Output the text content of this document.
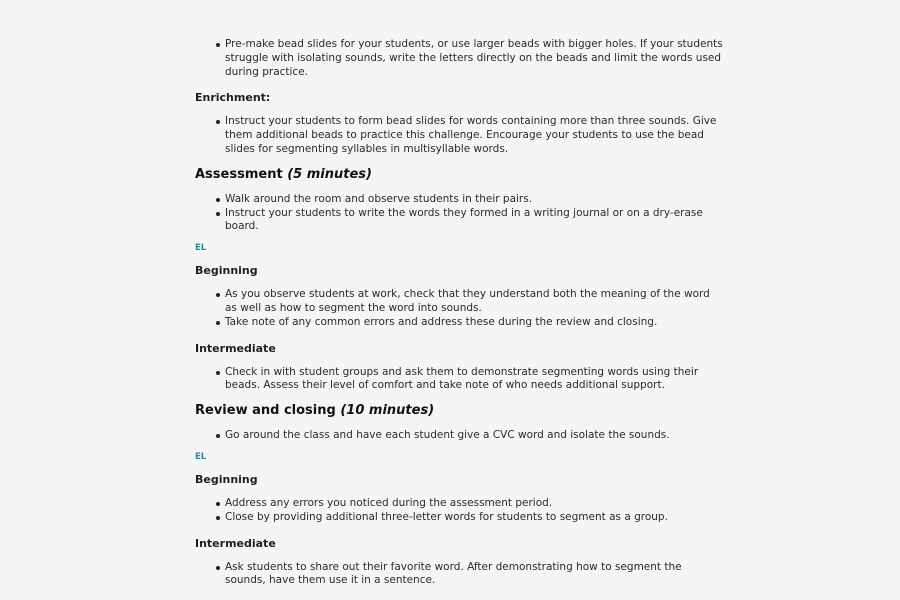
Pre-make bead slides for your students, or use larger beads with bigger holes. If your students struggle with isolating sounds, write the letters directly on the beads and limit the words used during practice.
Enrichment:
Instruct your students to form bead slides for words containing more than three sounds. Give them additional beads to practice this challenge. Encourage your students to use the bead slides for segmenting syllables in multisyllable words.
Assessment (5 minutes)
Walk around the room and observe students in their pairs.
Instruct your students to write the words they formed in a writing journal or on a dry-erase board.
EL
Beginning
As you observe students at work, check that they understand both the meaning of the word as well as how to segment the word into sounds.
Take note of any common errors and address these during the review and closing.
Intermediate
Check in with student groups and ask them to demonstrate segmenting words using their beads. Assess their level of comfort and take note of who needs additional support.
Review and closing (10 minutes)
Go around the class and have each student give a CVC word and isolate the sounds.
EL
Beginning
Address any errors you noticed during the assessment period.
Close by providing additional three-letter words for students to segment as a group.
Intermediate
Ask students to share out their favorite word. After demonstrating how to segment the sounds, have them use it in a sentence.
